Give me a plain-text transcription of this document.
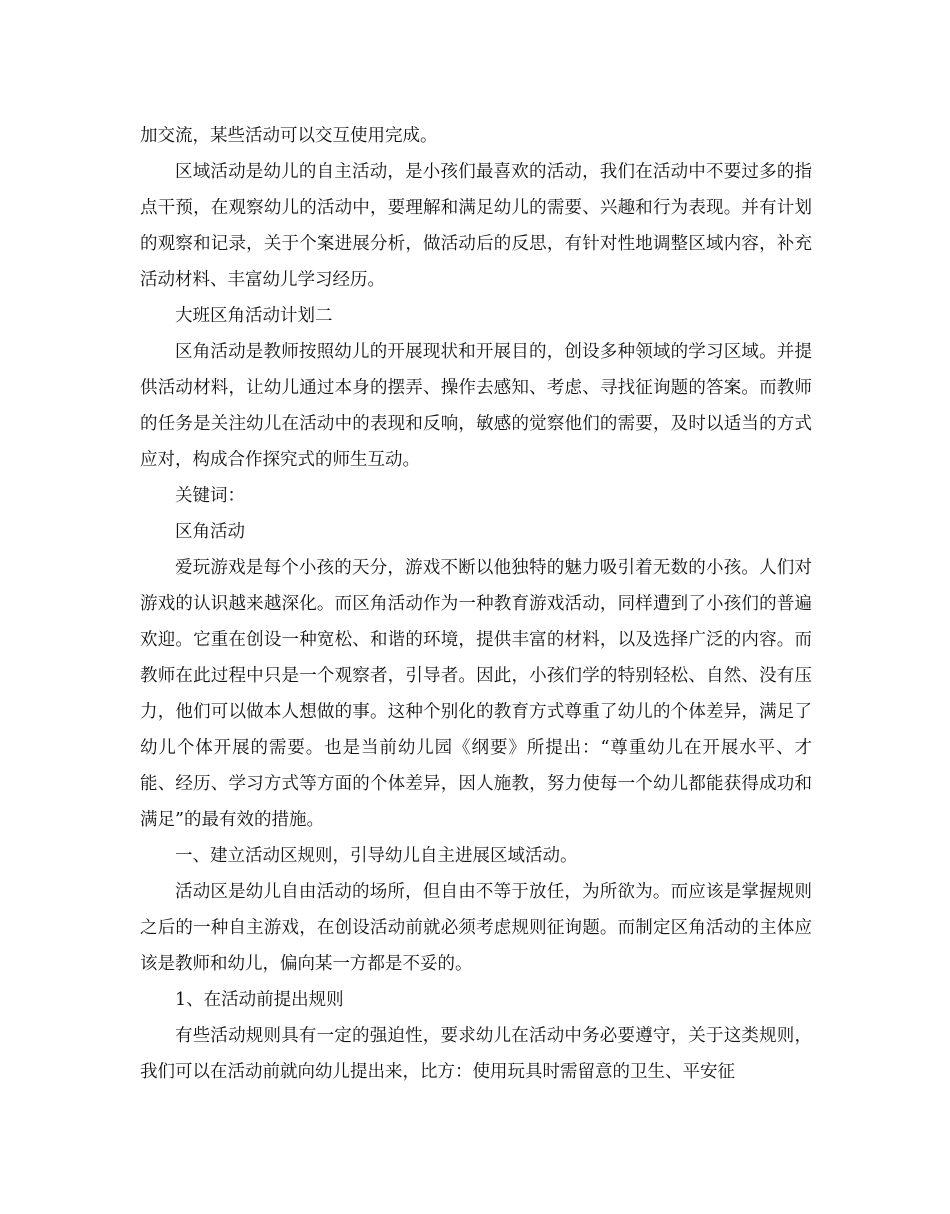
加交流，某些活动可以交互使用完成。

区域活动是幼儿的自主活动，是小孩们最喜欢的活动，我们在活动中不要过多的指点干预，在观察幼儿的活动中，要理解和满足幼儿的需要、兴趣和行为表现。并有计划的观察和记录，关于个案进展分析，做活动后的反思，有针对性地调整区域内容，补充活动材料、丰富幼儿学习经历。

大班区角活动计划二

区角活动是教师按照幼儿的开展现状和开展目的，创设多种领域的学习区域。并提供活动材料，让幼儿通过本身的摆弄、操作去感知、考虑、寻找征询题的答案。而教师的任务是关注幼儿在活动中的表现和反响，敏感的觉察他们的需要，及时以适当的方式应对，构成合作探究式的师生互动。

关键词：

区角活动

爱玩游戏是每个小孩的天分，游戏不断以他独特的魅力吸引着无数的小孩。人们对游戏的认识越来越深化。而区角活动作为一种教育游戏活动，同样遭到了小孩们的普遍欢迎。它重在创设一种宽松、和谐的环境，提供丰富的材料，以及选择广泛的内容。而教师在此过程中只是一个观察者，引导者。因此，小孩们学的特别轻松、自然、没有压力，他们可以做本人想做的事。这种个别化的教育方式尊重了幼儿的个体差异，满足了幼儿个体开展的需要。也是当前幼儿园《纲要》所提出：“尊重幼儿在开展水平、才能、经历、学习方式等方面的个体差异，因人施教，努力使每一个幼儿都能获得成功和满足”的最有效的措施。

一、建立活动区规则，引导幼儿自主进展区域活动。

活动区是幼儿自由活动的场所，但自由不等于放任，为所欲为。而应该是掌握规则之后的一种自主游戏，在创设活动前就必须考虑规则征询题。而制定区角活动的主体应该是教师和幼儿，偏向某一方都是不妥的。

1、在活动前提出规则

有些活动规则具有一定的强迫性，要求幼儿在活动中务必要遵守，关于这类规则，我们可以在活动前就向幼儿提出来，比方：使用玩具时需留意的卫生、平安征
